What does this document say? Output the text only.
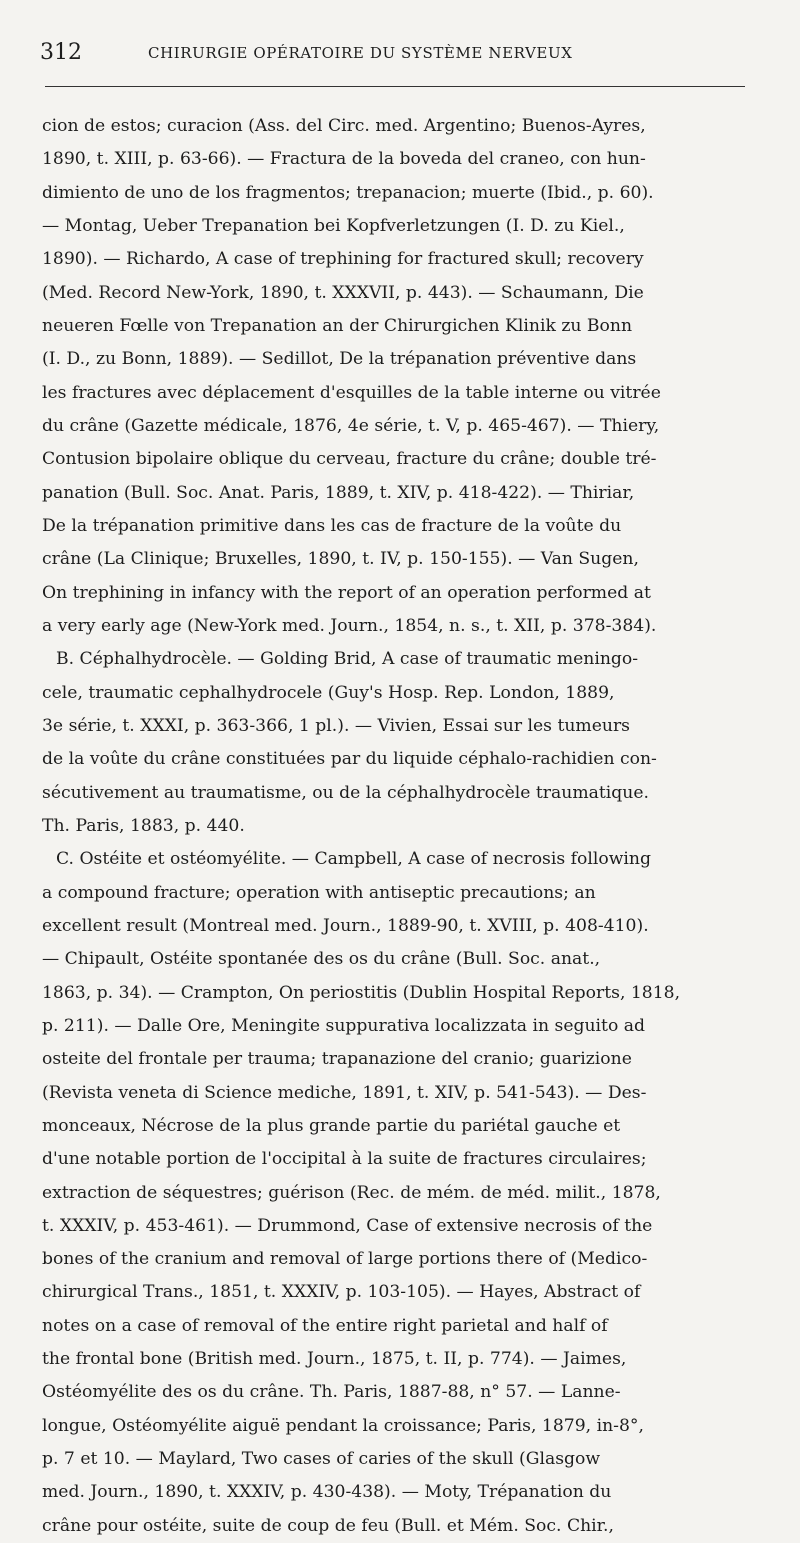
312	CHIRURGIE OPÉRATOIRE DU SYSTÈME NERVEUX
cion de estos; curacion (Ass. del Circ. med. Argentino; Buenos-Ayres,
1890, t. XIII, p. 63-66). — Fractura de la boveda del craneo, con hun-
dimiento de uno de los fragmentos; trepanacion; muerte (Ibid., p. 60).
— Montag, Ueber Trepanation bei Kopfverletzungen (I. D. zu Kiel.,
1890). — Richardo, A case of trephining for fractured skull; recovery
(Med. Record New-York, 1890, t. XXXVII, p. 443). — Schaumann, Die
neueren Fœlle von Trepanation an der Chirurgichen Klinik zu Bonn
(I. D., zu Bonn, 1889). — Sedillot, De la trépanation préventive dans
les fractures avec déplacement d'esquilles de la table interne ou vitrée
du crâne (Gazette médicale, 1876, 4e série, t. V, p. 465-467). — Thiery,
Contusion bipolaire oblique du cerveau, fracture du crâne; double tré-
panation (Bull. Soc. Anat. Paris, 1889, t. XIV, p. 418-422). — Thiriar,
De la trépanation primitive dans les cas de fracture de la voûte du
crâne (La Clinique; Bruxelles, 1890, t. IV, p. 150-155). — Van Sugen,
On trephining in infancy with the report of an operation performed at
a very early age (New-York med. Journ., 1854, n. s., t. XII, p. 378-384).
B. Céphalhydrocèle. — Golding Brid, A case of traumatic meningo-
cele, traumatic cephalhydrocele (Guy's Hosp. Rep. London, 1889,
3e série, t. XXXI, p. 363-366, 1 pl.). — Vivien, Essai sur les tumeurs
de la voûte du crâne constituées par du liquide céphalo-rachidien con-
sécutivement au traumatisme, ou de la céphalhydrocèle traumatique.
Th. Paris, 1883, p. 440.
C. Ostéite et ostéomyélite. — Campbell, A case of necrosis following
a compound fracture; operation with antiseptic precautions; an
excellent result (Montreal med. Journ., 1889-90, t. XVIII, p. 408-410).
— Chipault, Ostéite spontanée des os du crâne (Bull. Soc. anat.,
1863, p. 34). — Crampton, On periostitis (Dublin Hospital Reports, 1818,
p. 211). — Dalle Ore, Meningite suppurativa localizzata in seguito ad
osteite del frontale per trauma; trapanazione del cranio; guarizione
(Revista veneta di Science mediche, 1891, t. XIV, p. 541-543). — Des-
monceaux, Nécrose de la plus grande partie du pariétal gauche et
d'une notable portion de l'occipital à la suite de fractures circulaires;
extraction de séquestres; guérison (Rec. de mém. de méd. milit., 1878,
t. XXXIV, p. 453-461). — Drummond, Case of extensive necrosis of the
bones of the cranium and removal of large portions there of (Medico-
chirurgical Trans., 1851, t. XXXIV, p. 103-105). — Hayes, Abstract of
notes on a case of removal of the entire right parietal and half of
the frontal bone (British med. Journ., 1875, t. II, p. 774). — Jaimes,
Ostéomyélite des os du crâne. Th. Paris, 1887-88, n° 57. — Lanne-
longue, Ostéomyélite aiguë pendant la croissance; Paris, 1879, in-8°,
p. 7 et 10. — Maylard, Two cases of caries of the skull (Glasgow
med. Journ., 1890, t. XXXIV, p. 430-438). — Moty, Trépanation du
crâne pour ostéite, suite de coup de feu (Bull. et Mém. Soc. Chir.,
